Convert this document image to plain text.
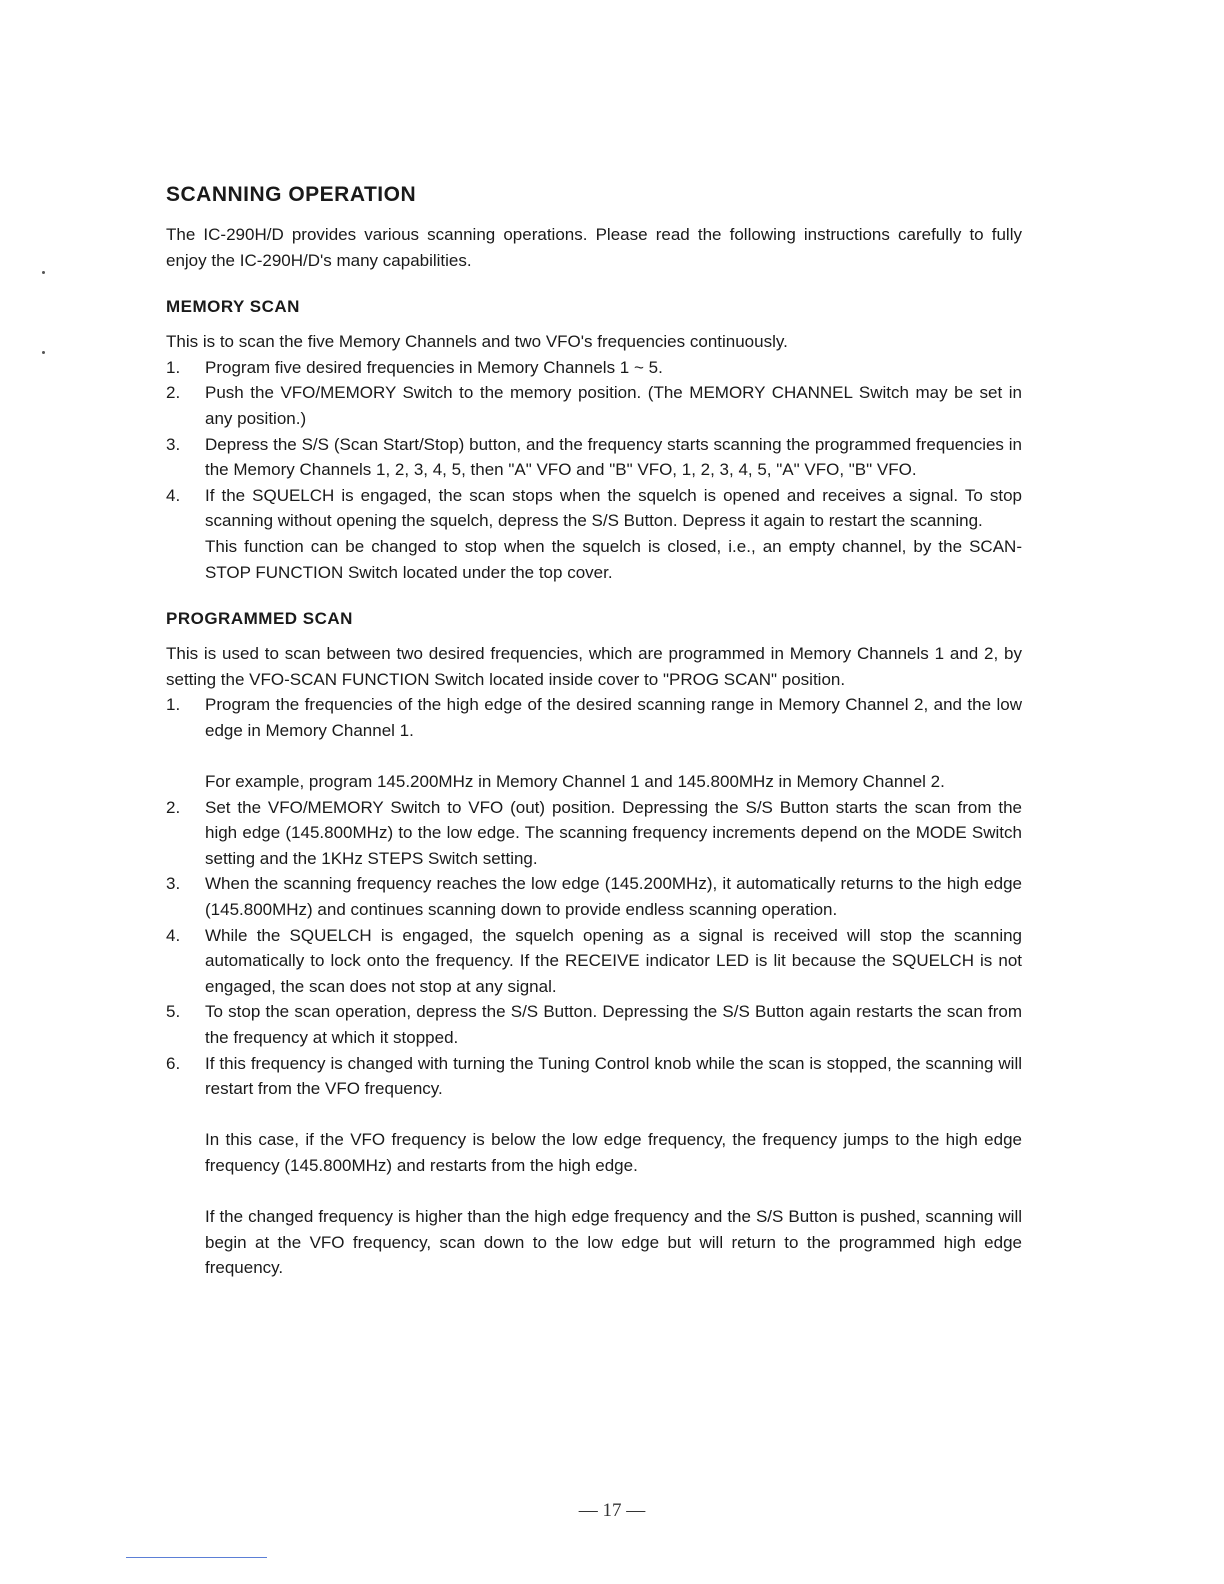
SCANNING OPERATION

The IC-290H/D provides various scanning operations. Please read the following instructions carefully to fully enjoy the IC-290H/D's many capabilities.

MEMORY SCAN

This is to scan the five Memory Channels and two VFO's frequencies continuously.

1. Program five desired frequencies in Memory Channels 1 ~ 5.
2. Push the VFO/MEMORY Switch to the memory position. (The MEMORY CHANNEL Switch may be set in any position.)
3. Depress the S/S (Scan Start/Stop) button, and the frequency starts scanning the programmed frequencies in the Memory Channels 1, 2, 3, 4, 5, then "A" VFO and "B" VFO, 1, 2, 3, 4, 5, "A" VFO, "B" VFO.
4. If the SQUELCH is engaged, the scan stops when the squelch is opened and receives a signal. To stop scanning without opening the squelch, depress the S/S Button. Depress it again to restart the scanning.

This function can be changed to stop when the squelch is closed, i.e., an empty channel, by the SCAN-STOP FUNCTION Switch located under the top cover.

PROGRAMMED SCAN

This is used to scan between two desired frequencies, which are programmed in Memory Channels 1 and 2, by setting the VFO-SCAN FUNCTION Switch located inside cover to "PROG SCAN" position.

1. Program the frequencies of the high edge of the desired scanning range in Memory Channel 2, and the low edge in Memory Channel 1.

For example, program 145.200MHz in Memory Channel 1 and 145.800MHz in Memory Channel 2.

2. Set the VFO/MEMORY Switch to VFO (out) position. Depressing the S/S Button starts the scan from the high edge (145.800MHz) to the low edge. The scanning frequency increments depend on the MODE Switch setting and the 1KHz STEPS Switch setting.
3. When the scanning frequency reaches the low edge (145.200MHz), it automatically returns to the high edge (145.800MHz) and continues scanning down to provide endless scanning operation.
4. While the SQUELCH is engaged, the squelch opening as a signal is received will stop the scanning automatically to lock onto the frequency. If the RECEIVE indicator LED is lit because the SQUELCH is not engaged, the scan does not stop at any signal.
5. To stop the scan operation, depress the S/S Button. Depressing the S/S Button again restarts the scan from the frequency at which it stopped.
6. If this frequency is changed with turning the Tuning Control knob while the scan is stopped, the scanning will restart from the VFO frequency.

In this case, if the VFO frequency is below the low edge frequency, the frequency jumps to the high edge frequency (145.800MHz) and restarts from the high edge.

If the changed frequency is higher than the high edge frequency and the S/S Button is pushed, scanning will begin at the VFO frequency, scan down to the low edge but will return to the programmed high edge frequency.

— 17 —
